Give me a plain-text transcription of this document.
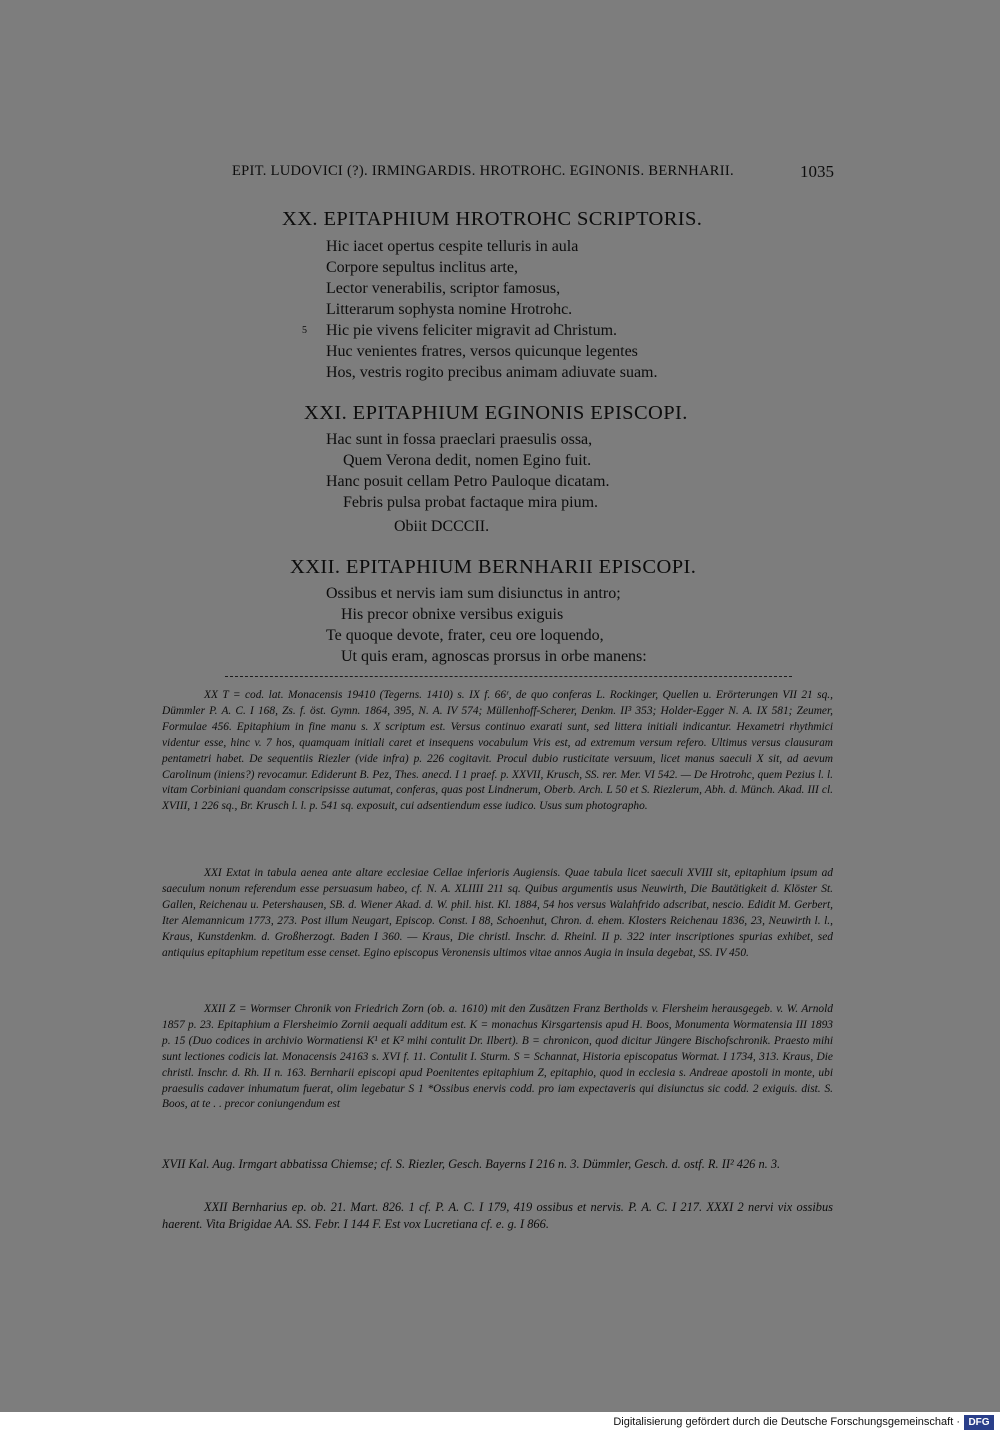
EPIT. LUDOVICI (?). IRMINGARDIS. HROTROHC. EGINONIS. BERNHARII.	1035
XX. EPITAPHIUM HROTROHC SCRIPTORIS.
Hic iacet opertus cespite telluris in aula
Corpore sepultus inclitus arte,
Lector venerabilis, scriptor famosus,
Litterarum sophysta nomine Hrotrohc.
5 Hic pie vivens feliciter migravit ad Christum.
Huc venientes fratres, versos quicunque legentes
Hos, vestris rogito precibus animam adiuvate suam.
XXI. EPITAPHIUM EGINONIS EPISCOPI.
Hac sunt in fossa praeclari praesulis ossa,
Quem Verona dedit, nomen Egino fuit.
Hanc posuit cellam Petro Pauloque dicatam.
Febris pulsa probat factaque mira pium.
Obiit DCCCII.
XXII. EPITAPHIUM BERNHARII EPISCOPI.
Ossibus et nervis iam sum disiunctus in antro;
His precor obnixe versibus exiguis
Te quoque devote, frater, ceu ore loquendo,
Ut quis eram, agnoscas prorsus in orbe manens:

XX T = cod. lat. Monacensis 19410 (Tegerns. 1410) s. IX f. 66ʳ, de quo conferas L. Rockinger, Quellen u. Erörterungen VII 21 sq., Dümmler P. A. C. I 168, Zs. f. öst. Gymn. 1864, 395, N. A. IV 574; Müllenhoff-Scherer, Denkm. II³ 353; Holder-Egger N. A. IX 581; Zeumer, Formulae 456. Epitaphium in fine manu s. X scriptum est. Versus continuo exarati sunt, sed littera initiali indicantur. Hexametri rhythmici videntur esse, hinc v. 7 hos, quamquam initiali caret et insequens vocabulum Vris est, ad extremum versum refero. Ultimus versus clausuram pentametri habet. De sequentiis Riezler (vide infra) p. 226 cogitavit. Procul dubio rusticitate versuum, licet manus saeculi X sit, ad aevum Carolinum (iniens?) revocamur. Ediderunt B. Pez, Thes. anecd. I 1 praef. p. XXVII, Krusch, SS. rer. Mer. VI 542. — De Hrotrohc, quem Pezius l. l. vitam Corbiniani quandam conscripsisse autumat, conferas, quas post Lindnerum, Oberb. Arch. L 50 et S. Riezlerum, Abh. d. Münch. Akad. III cl. XVIII, 1 226 sq., Br. Krusch l. l. p. 541 sq. exposuit, cui adsentiendum esse iudico. Usus sum photographo.

XXI Extat in tabula aenea ante altare ecclesiae Cellae inferioris Augiensis. Quae tabula licet saeculi XVIII sit, epitaphium ipsum ad saeculum nonum referendum esse persuasum habeo, cf. N. A. XLIIII 211 sq. Quibus argumentis usus Neuwirth, Die Bautätigkeit d. Klöster St. Gallen, Reichenau u. Petershausen, SB. d. Wiener Akad. d. W. phil. hist. Kl. 1884, 54 hos versus Walahfrido adscribat, nescio. Edidit M. Gerbert, Iter Alemannicum 1773, 273. Post illum Neugart, Episcop. Const. I 88, Schoenhut, Chron. d. ehem. Klosters Reichenau 1836, 23, Neuwirth l. l., Kraus, Kunstdenkm. d. Großherzogt. Baden I 360. — Kraus, Die christl. Inschr. d. Rheinl. II p. 322 inter inscriptiones spurias exhibet, sed antiquius epitaphium repetitum esse censet. Egino episcopus Veronensis ultimos vitae annos Augia in insula degebat, SS. IV 450.

XXII Z = Wormser Chronik von Friedrich Zorn (ob. a. 1610) mit den Zusätzen Franz Bertholds v. Flersheim herausgegeb. v. W. Arnold 1857 p. 23. Epitaphium a Flersheimio Zornii aequali additum est. K = monachus Kirsgartensis apud H. Boos, Monumenta Wormatensia III 1893 p. 15 (Duo codices in archivio Wormatiensi K¹ et K² mihi contulit Dr. Ilbert). B = chronicon, quod dicitur Jüngere Bischofschronik. Praesto mihi sunt lectiones codicis lat. Monacensis 24163 s. XVI f. 11. Contulit I. Sturm. S = Schannat, Historia episcopatus Wormat. I 1734, 313. Kraus, Die christl. Inschr. d. Rh. II n. 163. Bernharii episcopi apud Poenitentes epitaphium Z, epitaphio, quod in ecclesia s. Andreae apostoli in monte, ubi praesulis cadaver inhumatum fuerat, olim legebatur S 1 *Ossibus enervis codd. pro iam expectaveris qui disiunctus sic codd. 2 exiguis. dist. S. Boos, at te . . precor coniungendum est

XVII Kal. Aug. Irmgart abbatissa Chiemse; cf. S. Riezler, Gesch. Bayerns I 216 n. 3. Dümmler, Gesch. d. ostf. R. II² 426 n. 3.

XXII Bernharius ep. ob. 21. Mart. 826. 1 cf. P. A. C. I 179, 419 ossibus et nervis. P. A. C. I 217. XXXI 2 nervi vix ossibus haerent. Vita Brigidae AA. SS. Febr. I 144 F. Est vox Lucretiana cf. e. g. I 866.

Digitalisierung gefördert durch die Deutsche Forschungsgemeinschaft · DFG
